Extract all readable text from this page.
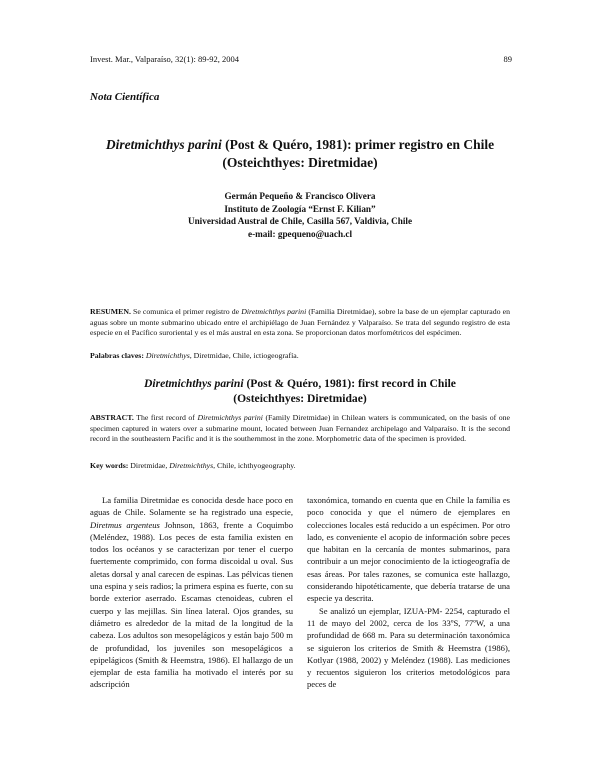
Invest. Mar., Valparaíso, 32(1): 89-92, 2004	89
Nota Científica
Diretmichthys parini (Post & Quéro, 1981): primer registro en Chile
(Osteichthyes: Diretmidae)
Germán Pequeño & Francisco Olivera
Instituto de Zoología “Ernst F. Kilian”
Universidad Austral de Chile, Casilla 567, Valdivia, Chile
e-mail: gpequeno@uach.cl
RESUMEN. Se comunica el primer registro de Diretmichthys parini (Familia Diretmidae), sobre la base de un ejemplar capturado en aguas sobre un monte submarino ubicado entre el archipiélago de Juan Fernández y Valparaíso. Se trata del segundo registro de esta especie en el Pacífico suroriental y es el más austral en esta zona. Se proporcionan datos morfométricos del espécimen.
Palabras claves: Diretmichthys, Diretmidae, Chile, ictiogeografía.
Diretmichthys parini (Post & Quéro, 1981): first record in Chile
(Osteichthyes: Diretmidae)
ABSTRACT. The first record of Diretmichthys parini (Family Diretmidae) in Chilean waters is communicated, on the basis of one specimen captured in waters over a submarine mount, located between Juan Fernandez archipelago and Valparaíso. It is the second record in the southeastern Pacific and it is the southernmost in the zone. Morphometric data of the specimen is provided.
Key words: Diretmidae, Diretmichthys, Chile, ichthyogeography.

La familia Diretmidae es conocida desde hace poco en aguas de Chile. Solamente se ha registrado una especie, Diretmus argenteus Johnson, 1863, frente a Coquimbo (Meléndez, 1988). Los peces de esta familia existen en todos los océanos y se caracterizan por tener el cuerpo fuertemente comprimido, con forma discoidal u oval. Sus aletas dorsal y anal carecen de espinas. Las pélvicas tienen una espina y seis radios; la primera espina es fuerte, con su borde exterior aserrado. Escamas ctenoideas, cubren el cuerpo y las mejillas. Sin línea lateral. Ojos grandes, su diámetro es alrededor de la mitad de la longitud de la cabeza. Los adultos son mesopelágicos y están bajo 500 m de profundidad, los juveniles son mesopelágicos a epipelágicos (Smith & Heemstra, 1986). El hallazgo de un ejemplar de esta familia ha motivado el interés por su adscripción

taxonómica, tomando en cuenta que en Chile la familia es poco conocida y que el número de ejemplares en colecciones locales está reducido a un espécimen. Por otro lado, es conveniente el acopio de información sobre peces que habitan en la cercanía de montes submarinos, para contribuir a un mejor conocimiento de la ictiogeografía de esas áreas. Por tales razones, se comunica este hallazgo, considerando hipotéticamente, que debería tratarse de una especie ya descrita.

Se analizó un ejemplar, IZUA-PM- 2254, capturado el 11 de mayo del 2002, cerca de los 33ºS, 77ºW, a una profundidad de 668 m. Para su determinación taxonómica se siguieron los criterios de Smith & Heemstra (1986), Kotlyar (1988, 2002) y Meléndez (1988). Las mediciones y recuentos siguieron los criterios metodológicos para peces de
